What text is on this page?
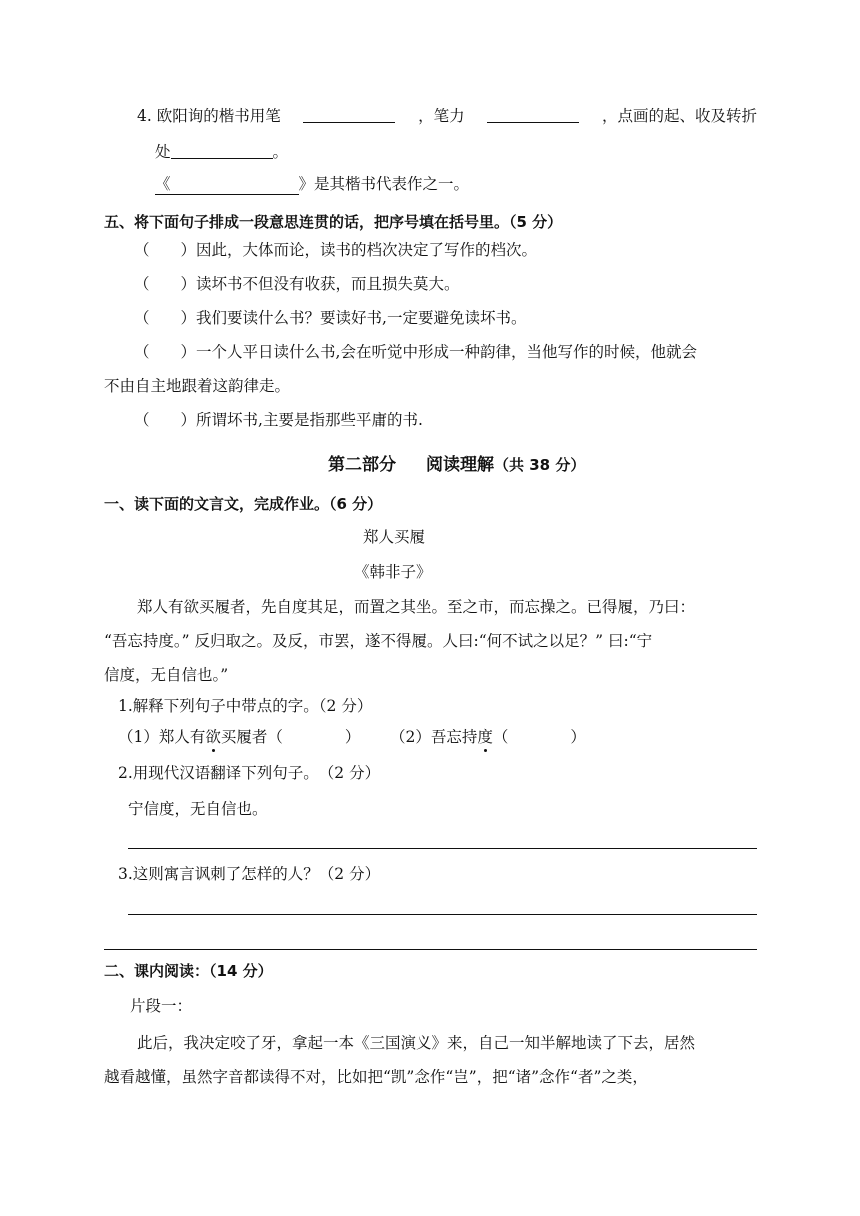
4. 欧阳询的楷书用笔	，笔力	，点画的起、收及转折
处	。
《	》是其楷书代表作之一。
五、将下面句子排成一段意思连贯的话，把序号填在括号里。（5 分）
（　　）因此，大体而论，读书的档次决定了写作的档次。
（　　）读坏书不但没有收获，而且损失莫大。
（　　）我们要读什么书？要读好书,一定要避免读坏书。
（　　）一个人平日读什么书,会在听觉中形成一种韵律，当他写作的时候，他就会
不由自主地跟着这韵律走。
（　　）所谓坏书,主要是指那些平庸的书.
第二部分 阅读理解（共 38 分）
一、读下面的文言文，完成作业。（6 分）
郑人买履
《韩非子》
郑人有欲买履者，先自度其足，而置之其坐。至之市，而忘操之。已得履，乃曰：
“吾忘持度。” 反归取之。及反，市罢，遂不得履。人曰:“何不试之以足？” 曰:“宁
信度，无自信也。”
1.解释下列句子中带点的字。（2 分）
（1）郑人有欲买履者（　　　　） （2）吾忘持度（　　　　）
2.用现代汉语翻译下列句子。　（2 分）
宁信度，无自信也。
3.这则寓言讽刺了怎样的人？（2 分）
二、课内阅读：（14 分）
片段一：
此后，我决定咬了牙，拿起一本《三国演义》来，自己一知半解地读了下去，居然
越看越懂，虽然字音都读得不对，比如把“凯”念作“岂”，把“诸”念作“者”之类，
